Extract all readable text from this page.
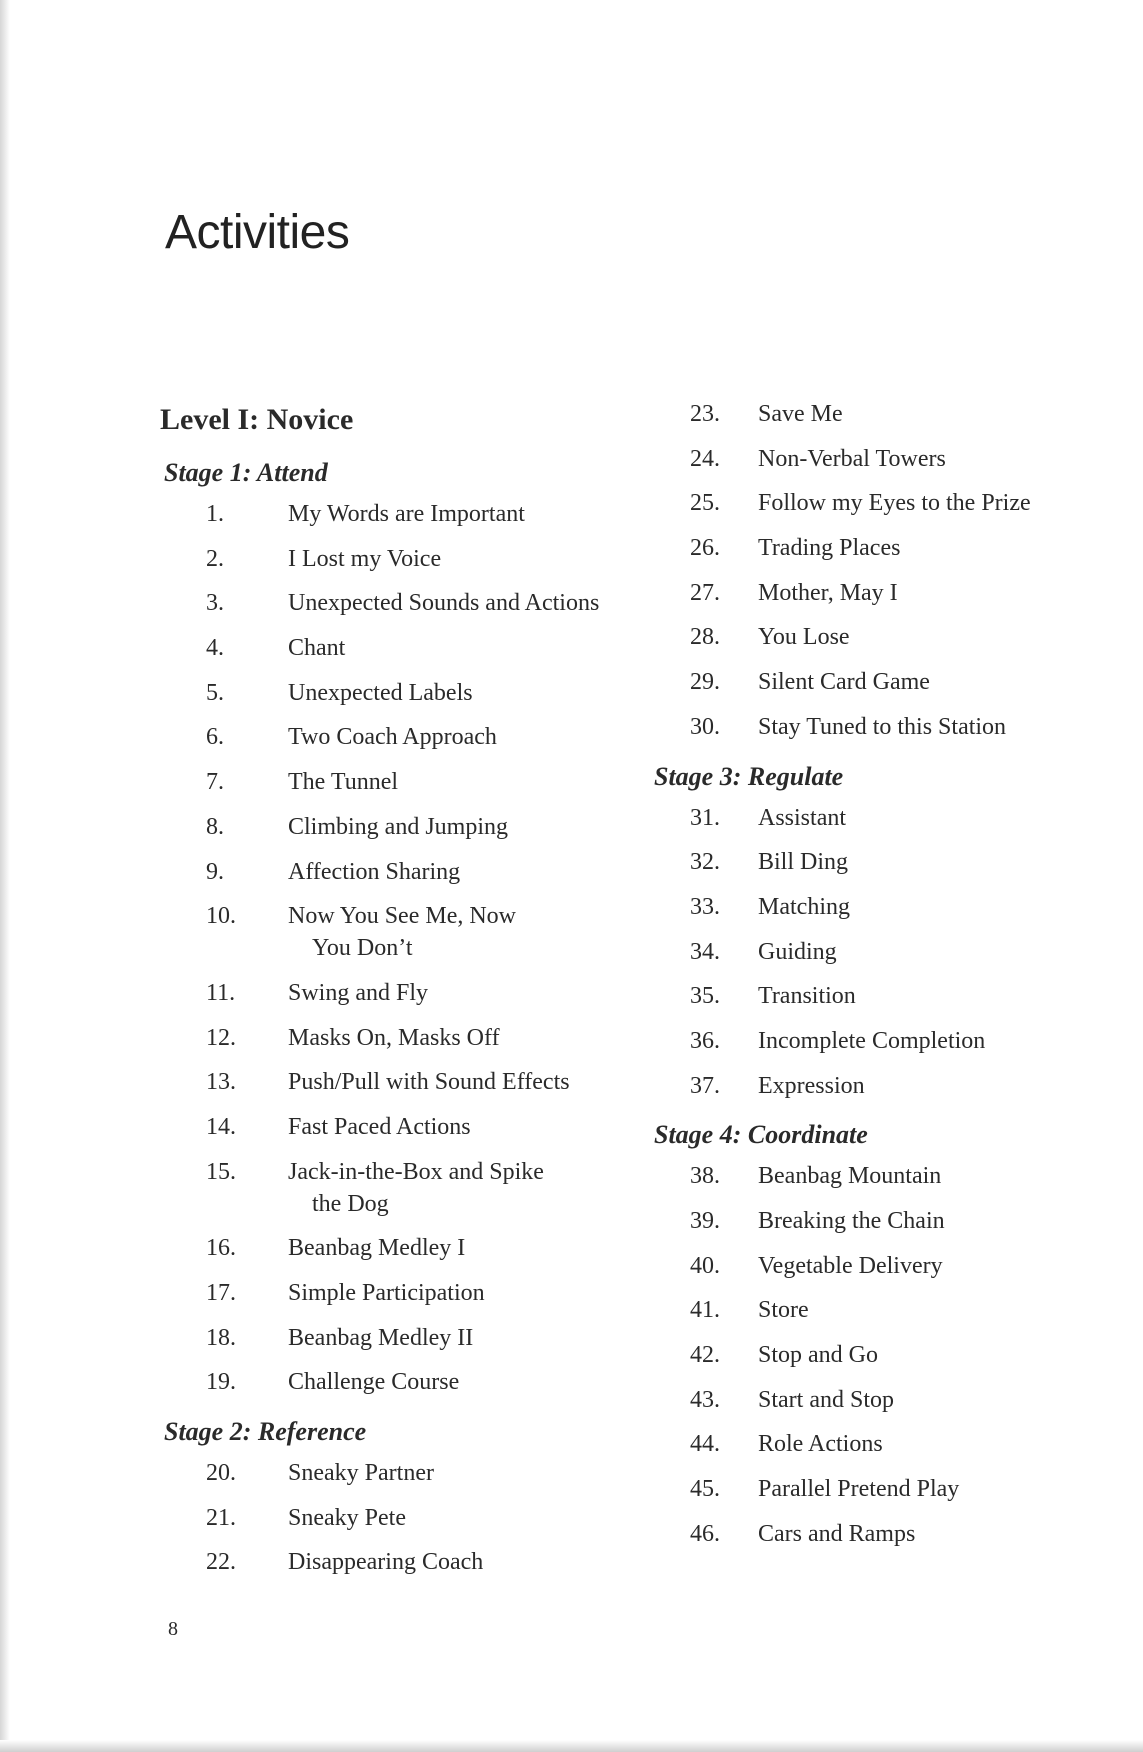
Activities
Level I: Novice
Stage 1: Attend
1.	My Words are Important
2.	I Lost my Voice
3.	Unexpected Sounds and Actions
4.	Chant
5.	Unexpected Labels
6.	Two Coach Approach
7.	The Tunnel
8.	Climbing and Jumping
9.	Affection Sharing
10.	Now You See Me, Now
You Don’t
11.	Swing and Fly
12.	Masks On, Masks Off
13.	Push/Pull with Sound Effects
14.	Fast Paced Actions
15.	Jack-in-the-Box and Spike
the Dog
16.	Beanbag Medley I
17.	Simple Participation
18.	Beanbag Medley II
19.	Challenge Course
Stage 2: Reference
20.	Sneaky Partner
21.	Sneaky Pete
22.	Disappearing Coach
23.	Save Me
24.	Non-Verbal Towers
25.	Follow my Eyes to the Prize
26.	Trading Places
27.	Mother, May I
28.	You Lose
29.	Silent Card Game
30.	Stay Tuned to this Station
Stage 3: Regulate
31.	Assistant
32.	Bill Ding
33.	Matching
34.	Guiding
35.	Transition
36.	Incomplete Completion
37.	Expression
Stage 4: Coordinate
38.	Beanbag Mountain
39.	Breaking the Chain
40.	Vegetable Delivery
41.	Store
42.	Stop and Go
43.	Start and Stop
44.	Role Actions
45.	Parallel Pretend Play
46.	Cars and Ramps
8
